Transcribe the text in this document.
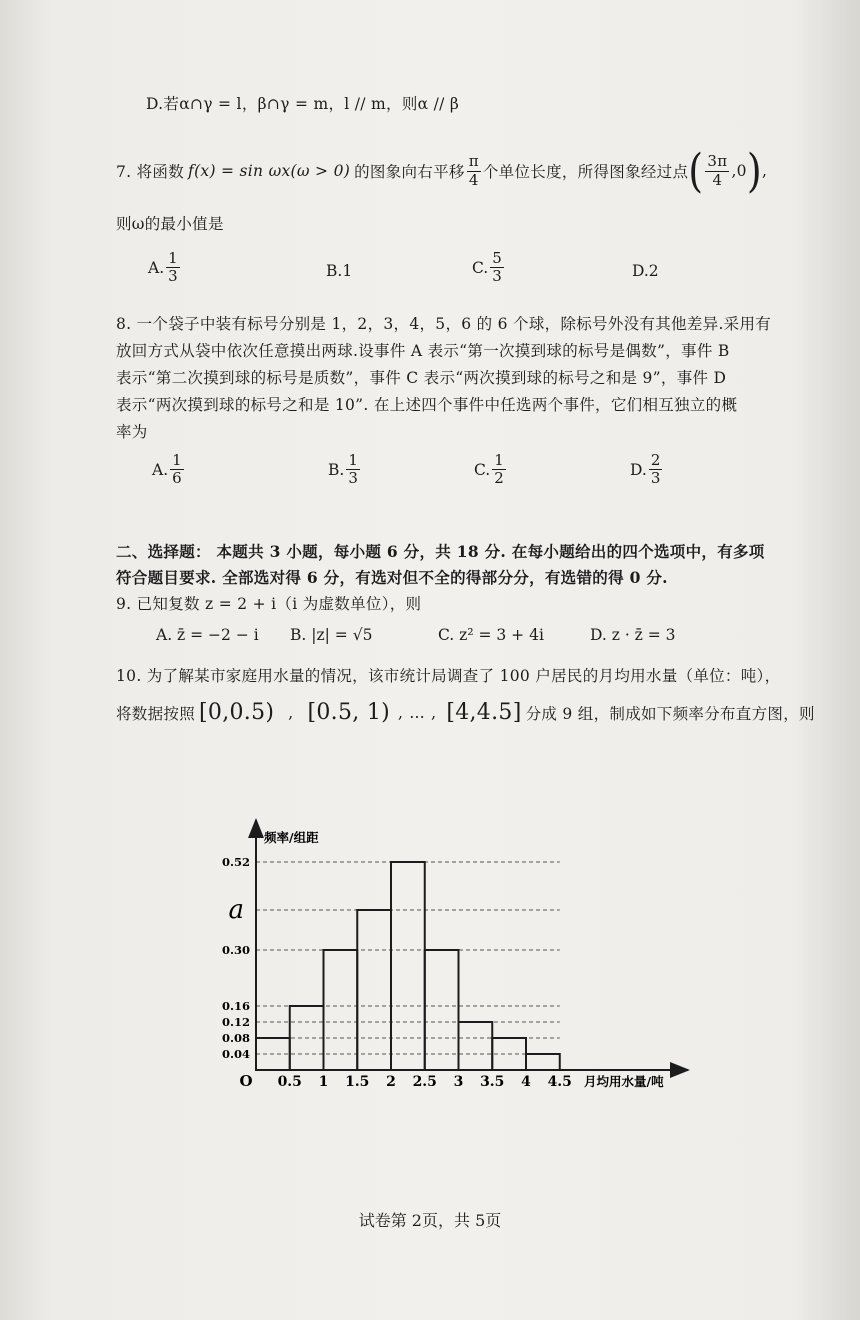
D.若α∩γ = l，β∩γ = m，l // m，则α // β
7. 将函数 f(x) = sin ωx(ω > 0) 的图象向右平移 $\frac{\pi}{4}$ 个单位长度，所得图象经过点 ( $\frac{3\pi}{4} ,0$ ) ,
则ω的最小值是
A. $\frac{1}{3}$	B.1	C. $\frac{5}{3}$	D.2
8. 一个袋子中装有标号分别是 1，2，3，4，5，6 的 6 个球，除标号外没有其他差异.采用有
放回方式从袋中依次任意摸出两球.设事件 A 表示“第一次摸到球的标号是偶数”，事件 B
表示“第二次摸到球的标号是质数”，事件 C 表示“两次摸到球的标号之和是 9”，事件 D
表示“两次摸到球的标号之和是 10”. 在上述四个事件中任选两个事件，它们相互独立的概
率为
A. $\frac{1}{6}$	B. $\frac{1}{3}$	C. $\frac{1}{2}$	D. $\frac{2}{3}$
二、选择题： 本题共 3 小题，每小题 6 分，共 18 分. 在每小题给出的四个选项中，有多项
符合题目要求. 全部选对得 6 分，有选对但不全的得部分分，有选错的得 0 分.
9. 已知复数 z = 2 + i（i 为虚数单位），则
A. z̄ = −2 − i B. |z| = √5	C. z² = 3 + 4i	D. z · z̄ = 3
10. 为了解某市家庭用水量的情况，该市统计局调查了 100 户居民的月均用水量（单位：吨），
将数据按照 [0,0.5) , [0.5, 1) , … , [4,4.5] 分成 9 组，制成如下频率分布直方图，则
0.04
0.08
0.12
0.16
0.30
a
0.52
0.5 1 1.5 2 2.5 3 3.5 4 4.5
频率/组距
月均用水量/吨
O
试卷第 2页，共 5页
